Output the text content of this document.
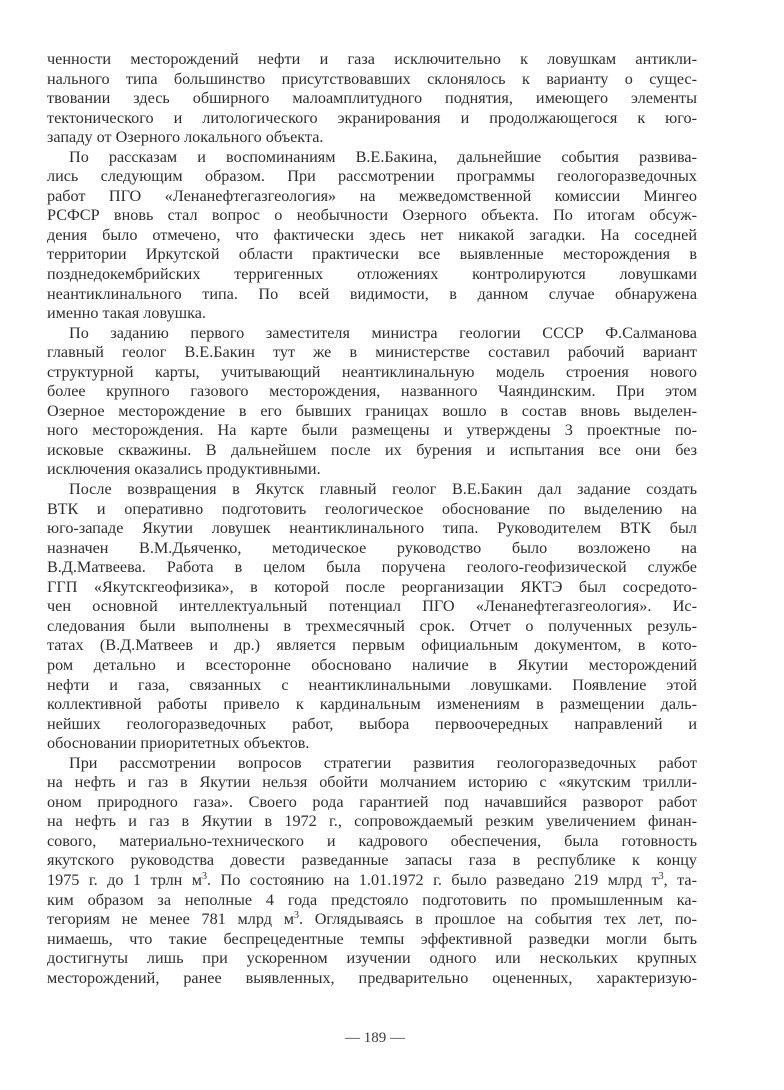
ченности месторождений нефти и газа исключительно к ловушкам антикли-
нального типа большинство присутствовавших склонялось к варианту о сущес-
твовании здесь обширного малоамплитудного поднятия, имеющего элементы
тектонического и литологического экранирования и продолжающегося к юго-
западу от Озерного локального объекта.
По рассказам и воспоминаниям В.Е.Бакина, дальнейшие события развива-
лись следующим образом. При рассмотрении программы геологоразведочных
работ ПГО «Ленанефтегазгеология» на межведомственной комиссии Мингео
РСФСР вновь стал вопрос о необычности Озерного объекта. По итогам обсуж-
дения было отмечено, что фактически здесь нет никакой загадки. На соседней
территории Иркутской области практически все выявленные месторождения в
позднедокембрийских терригенных отложениях контролируются ловушками
неантиклинального типа. По всей видимости, в данном случае обнаружена
именно такая ловушка.
По заданию первого заместителя министра геологии СССР Ф.Салманова
главный геолог В.Е.Бакин тут же в министерстве составил рабочий вариант
структурной карты, учитывающий неантиклинальную модель строения нового
более крупного газового месторождения, названного Чаяндинским. При этом
Озерное месторождение в его бывших границах вошло в состав вновь выделен-
ного месторождения. На карте были размещены и утверждены 3 проектные по-
исковые скважины. В дальнейшем после их бурения и испытания все они без
исключения оказались продуктивными.
После возвращения в Якутск главный геолог В.Е.Бакин дал задание создать
ВТК и оперативно подготовить геологическое обоснование по выделению на
юго-западе Якутии ловушек неантиклинального типа. Руководителем ВТК был
назначен В.М.Дьяченко, методическое руководство было возложено на
В.Д.Матвеева. Работа в целом была поручена геолого-геофизической службе
ГГП «Якутскгеофизика», в которой после реорганизации ЯКТЭ был сосредото-
чен основной интеллектуальный потенциал ПГО «Ленанефтегазгеология». Ис-
следования были выполнены в трехмесячный срок. Отчет о полученных резуль-
татах (В.Д.Матвеев и др.) является первым официальным документом, в кото-
ром детально и всесторонне обосновано наличие в Якутии месторождений
нефти и газа, связанных с неантиклинальными ловушками. Появление этой
коллективной работы привело к кардинальным изменениям в размещении даль-
нейших геологоразведочных работ, выбора первоочередных направлений и
обосновании приоритетных объектов.
При рассмотрении вопросов стратегии развития геологоразведочных работ
на нефть и газ в Якутии нельзя обойти молчанием историю с «якутским трилли-
оном природного газа». Своего рода гарантией под начавшийся разворот работ
на нефть и газ в Якутии в 1972 г., сопровождаемый резким увеличением финан-
сового, материально-технического и кадрового обеспечения, была готовность
якутского руководства довести разведанные запасы газа в республике к концу
1975 г. до 1 трлн $м^3$. По состоянию на 1.01.1972 г. было разведано 219 млрд $т^3$, та-
ким образом за неполные 4 года предстояло подготовить по промышленным ка-
тегориям не менее 781 млрд $м^3$. Оглядываясь в прошлое на события тех лет, по-
нимаешь, что такие беспрецедентные темпы эффективной разведки могли быть
достигнуты лишь при ускоренном изучении одного или нескольких крупных
месторождений, ранее выявленных, предварительно оцененных, характеризую-
— 189 —
